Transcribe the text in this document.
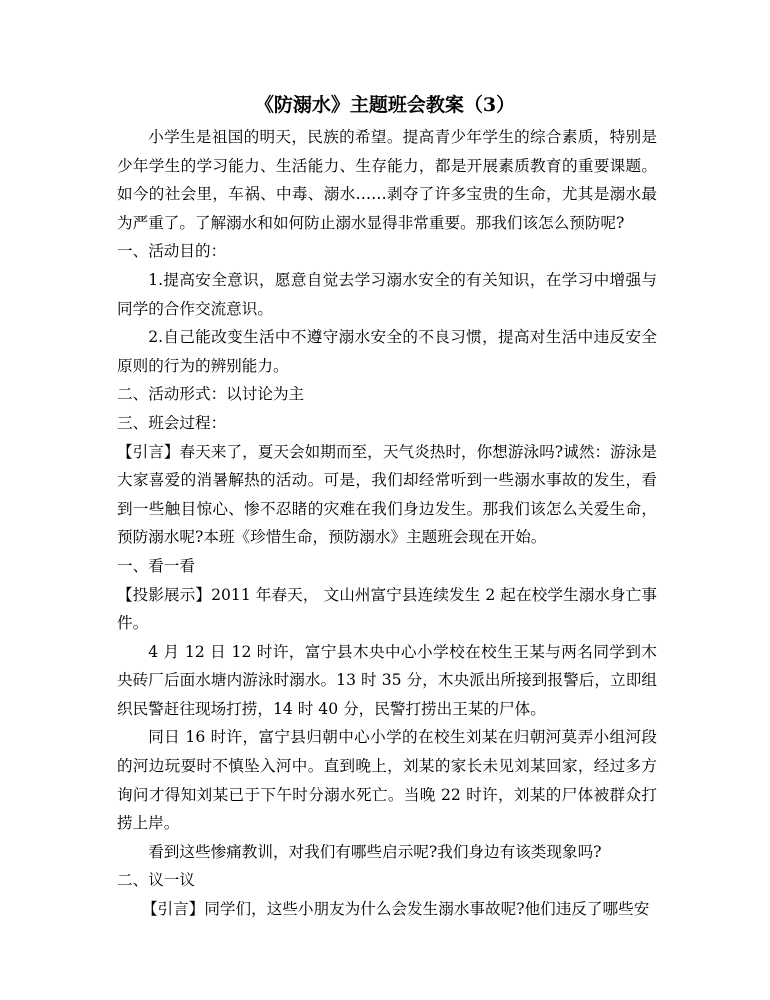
《防溺水》主题班会教案（3）

小学生是祖国的明天，民族的希望。提高青少年学生的综合素质，特别是少年学生的学习能力、生活能力、生存能力，都是开展素质教育的重要课题。如今的社会里，车祸、中毒、溺水……剥夺了许多宝贵的生命，尤其是溺水最为严重了。了解溺水和如何防止溺水显得非常重要。那我们该怎么预防呢?

一、活动目的：

1.提高安全意识，愿意自觉去学习溺水安全的有关知识，在学习中增强与同学的合作交流意识。

2.自己能改变生活中不遵守溺水安全的不良习惯，提高对生活中违反安全原则的行为的辨别能力。

二、活动形式：以讨论为主

三、班会过程：

【引言】春天来了，夏天会如期而至，天气炎热时，你想游泳吗?诚然：游泳是大家喜爱的消暑解热的活动。可是，我们却经常听到一些溺水事故的发生，看到一些触目惊心、惨不忍睹的灾难在我们身边发生。那我们该怎么关爱生命，预防溺水呢?本班《珍惜生命，预防溺水》主题班会现在开始。

一、看一看

【投影展示】2011 年春天， 文山州富宁县连续发生 2 起在校学生溺水身亡事件。

4 月 12 日 12 时许，富宁县木央中心小学校在校生王某与两名同学到木央砖厂后面水塘内游泳时溺水。13 时 35 分，木央派出所接到报警后，立即组织民警赶往现场打捞，14 时 40 分，民警打捞出王某的尸体。

同日 16 时许，富宁县归朝中心小学的在校生刘某在归朝河莫弄小组河段的河边玩耍时不慎坠入河中。直到晚上，刘某的家长未见刘某回家，经过多方询问才得知刘某已于下午时分溺水死亡。当晚 22 时许，刘某的尸体被群众打捞上岸。

看到这些惨痛教训，对我们有哪些启示呢?我们身边有该类现象吗?

二、议一议

【引言】同学们，这些小朋友为什么会发生溺水事故呢?他们违反了哪些安
